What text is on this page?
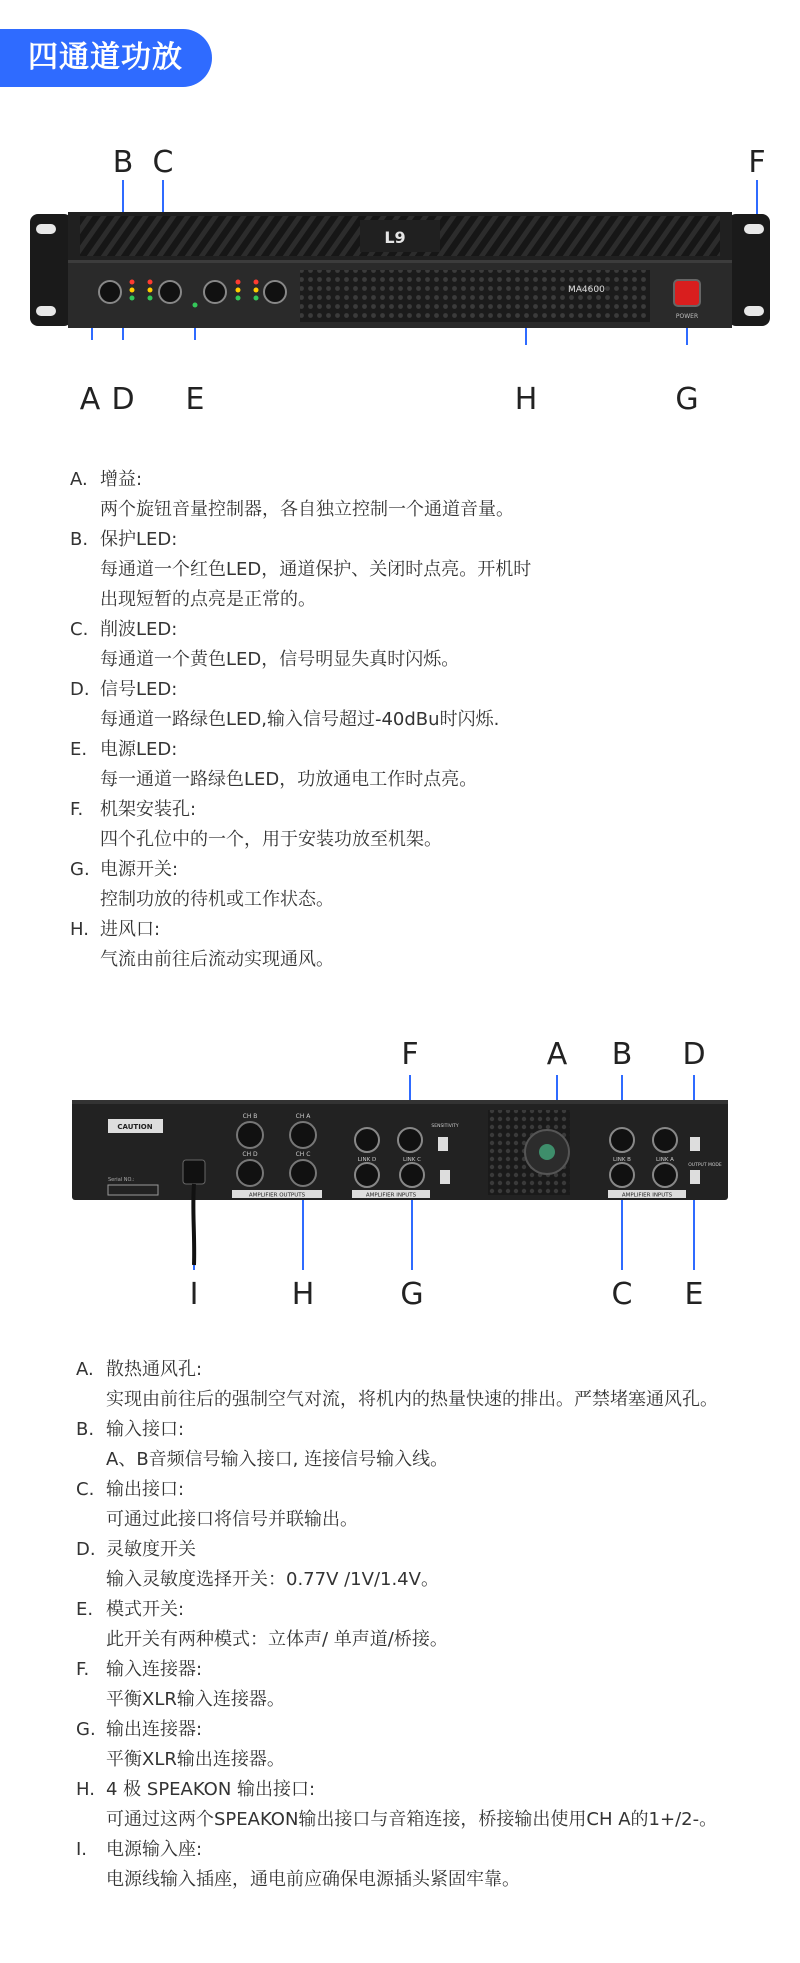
四通道功放
L9
MA4600
POWER
B C	F
A D E	H	G
A. 增益:
两个旋钮音量控制器，各自独立控制一个通道音量。
B. 保护LED:
每通道一个红色LED，通道保护、关闭时点亮。开机时
出现短暂的点亮是正常的。
C. 削波LED:
每通道一个黄色LED，信号明显失真时闪烁。
D. 信号LED:
每通道一路绿色LED,输入信号超过-40dBu时闪烁.
E. 电源LED:
每一通道一路绿色LED，功放通电工作时点亮。
F. 机架安装孔:
四个孔位中的一个，用于安装功放至机架。
G. 电源开关:
控制功放的待机或工作状态。
H. 进风口:
气流由前往后流动实现通风。
CAUTION
Serial NO.:
CH B	CH A
CH D	CH C
AMPLIFIER OUTPUTS
LINK D	LINK C
SENSITIVITY
AMPLIFIER INPUTS
LINK B	LINK A
OUTPUT MODE
AMPLIFIER INPUTS
F	A B D
I	H	G	C E
A. 散热通风孔:
实现由前往后的强制空气对流，将机内的热量快速的排出。严禁堵塞通风孔。
B. 输入接口:
A、B音频信号输入接口, 连接信号输入线。
C. 输出接口:
可通过此接口将信号并联输出。
D. 灵敏度开关
输入灵敏度选择开关：0.77V /1V/1.4V。
E. 模式开关:
此开关有两种模式：立体声/ 单声道/桥接。
F. 输入连接器:
平衡XLR输入连接器。
G. 输出连接器:
平衡XLR输出连接器。
H. 4 极 SPEAKON 输出接口:
可通过这两个SPEAKON输出接口与音箱连接，桥接输出使用CH A的1+/2-。
I.	电源输入座:
电源线输入插座，通电前应确保电源插头紧固牢靠。
